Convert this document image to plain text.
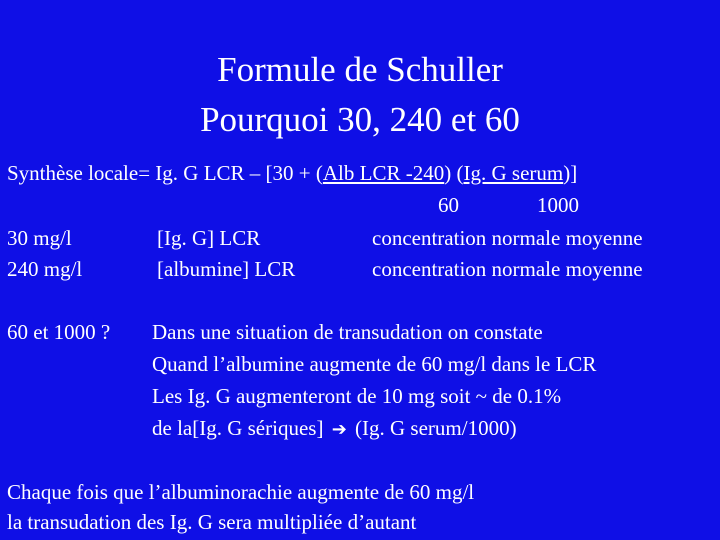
Formule de Schuller
Pourquoi 30, 240 et 60
Synthèse locale= Ig. G LCR – [30 + (Alb LCR -240) (Ig. G serum)]
60	1000
30 mg/l	[Ig. G] LCR	concentration normale moyenne
240 mg/l	[albumine] LCR	concentration normale moyenne
60 et 1000 ? Dans une situation de transudation on constate
Quand l’albumine augmente de 60 mg/l dans le LCR
Les Ig. G augmenteront de 10 mg soit ~ de 0.1%
de la[Ig. G sériques] ➔ (Ig. G serum/1000)
Chaque fois que l’albuminorachie augmente de 60 mg/l
la transudation des Ig. G sera multipliée d’autant
